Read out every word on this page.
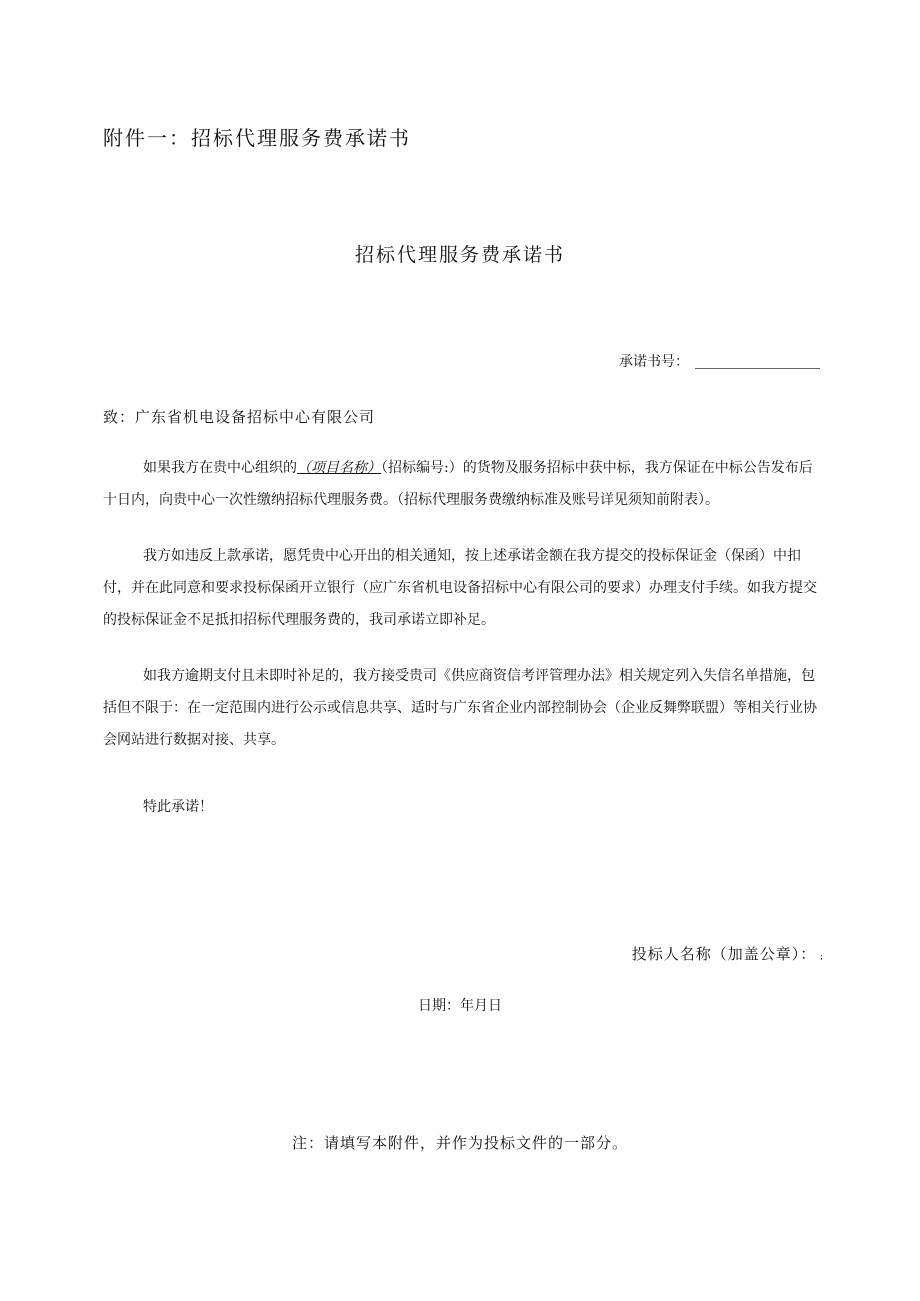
附件一：招标代理服务费承诺书
招标代理服务费承诺书
承诺书号：
致：广东省机电设备招标中心有限公司

如果我方在贵中心组织的（项目名称）（招标编号:）的货物及服务招标中获中标，我方保证在中标公告发布后十日内，向贵中心一次性缴纳招标代理服务费。（招标代理服务费缴纳标准及账号详见须知前附表）。

我方如违反上款承诺，愿凭贵中心开出的相关通知，按上述承诺金额在我方提交的投标保证金（保函）中扣付，并在此同意和要求投标保函开立银行（应广东省机电设备招标中心有限公司的要求）办理支付手续。如我方提交的投标保证金不足抵扣招标代理服务费的，我司承诺立即补足。

如我方逾期支付且未即时补足的，我方接受贵司《供应商资信考评管理办法》相关规定列入失信名单措施，包括但不限于：在一定范围内进行公示或信息共享、适时与广东省企业内部控制协会（企业反舞弊联盟）等相关行业协会网站进行数据对接、共享。

特此承诺！

投标人名称（加盖公章）： ;
日期：年月日
注：请填写本附件，并作为投标文件的一部分。
